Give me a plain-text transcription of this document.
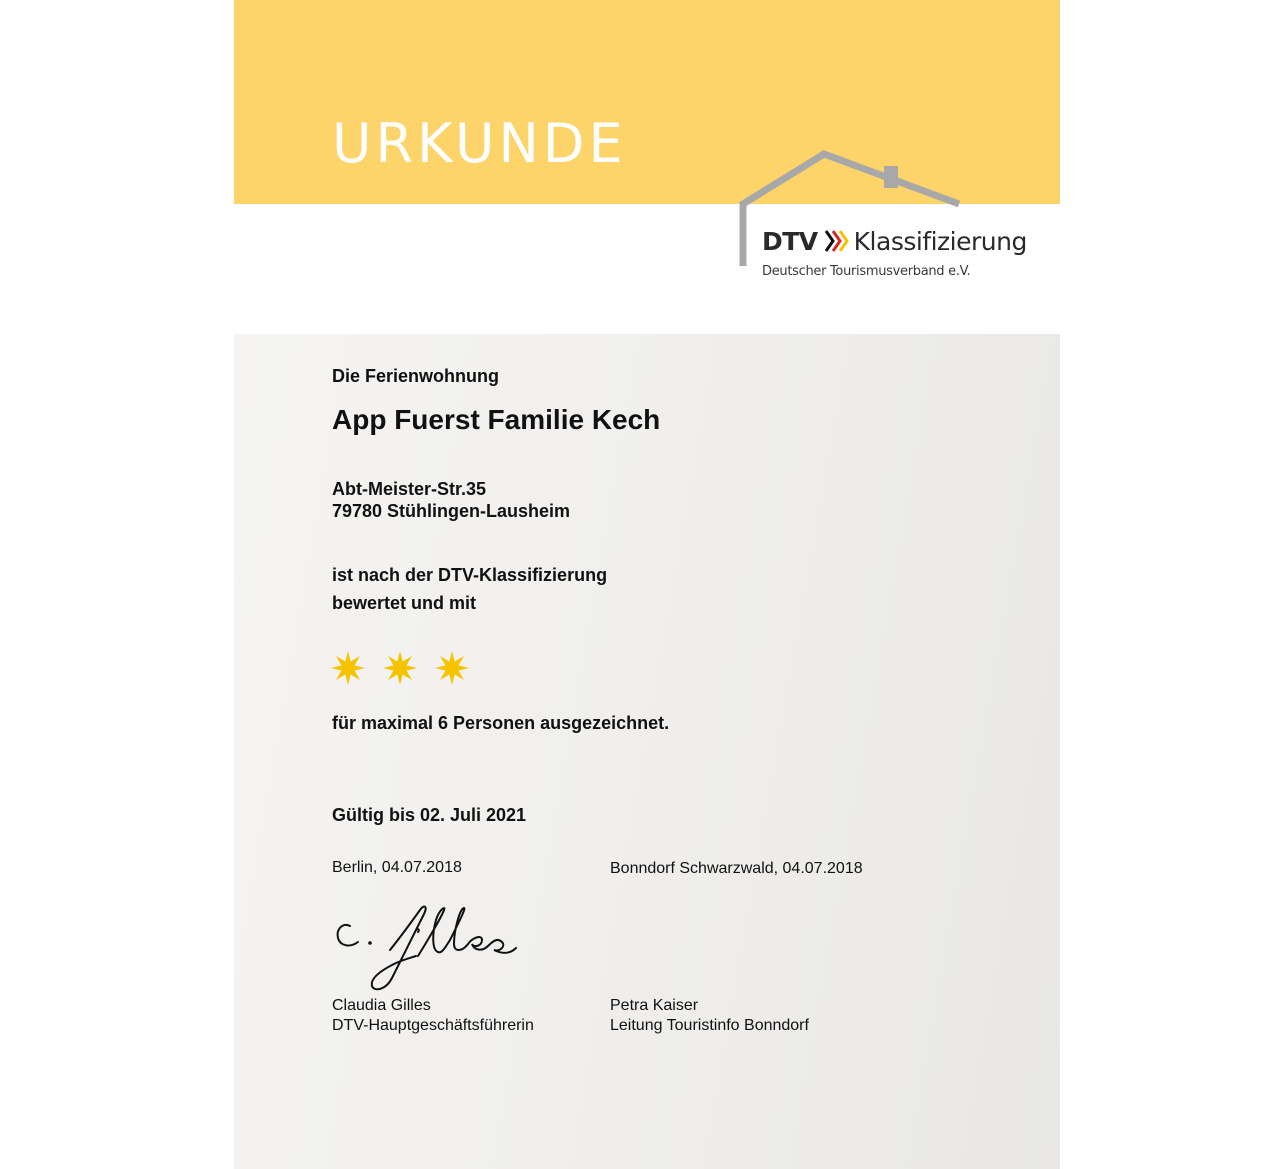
URKUNDE
DTV Klassifizierung
Deutscher Tourismusverband e.V.
Die Ferienwohnung
App Fuerst Familie Kech
Abt-Meister-Str.35
79780 Stühlingen-Lausheim
ist nach der DTV-Klassifizierung
bewertet und mit
für maximal 6 Personen ausgezeichnet.
Gültig bis 02. Juli 2021
Berlin, 04.07.2018	Bonndorf Schwarzwald, 04.07.2018
Claudia Gilles
DTV-Hauptgeschäftsführerin
Petra Kaiser
Leitung Touristinfo Bonndorf
